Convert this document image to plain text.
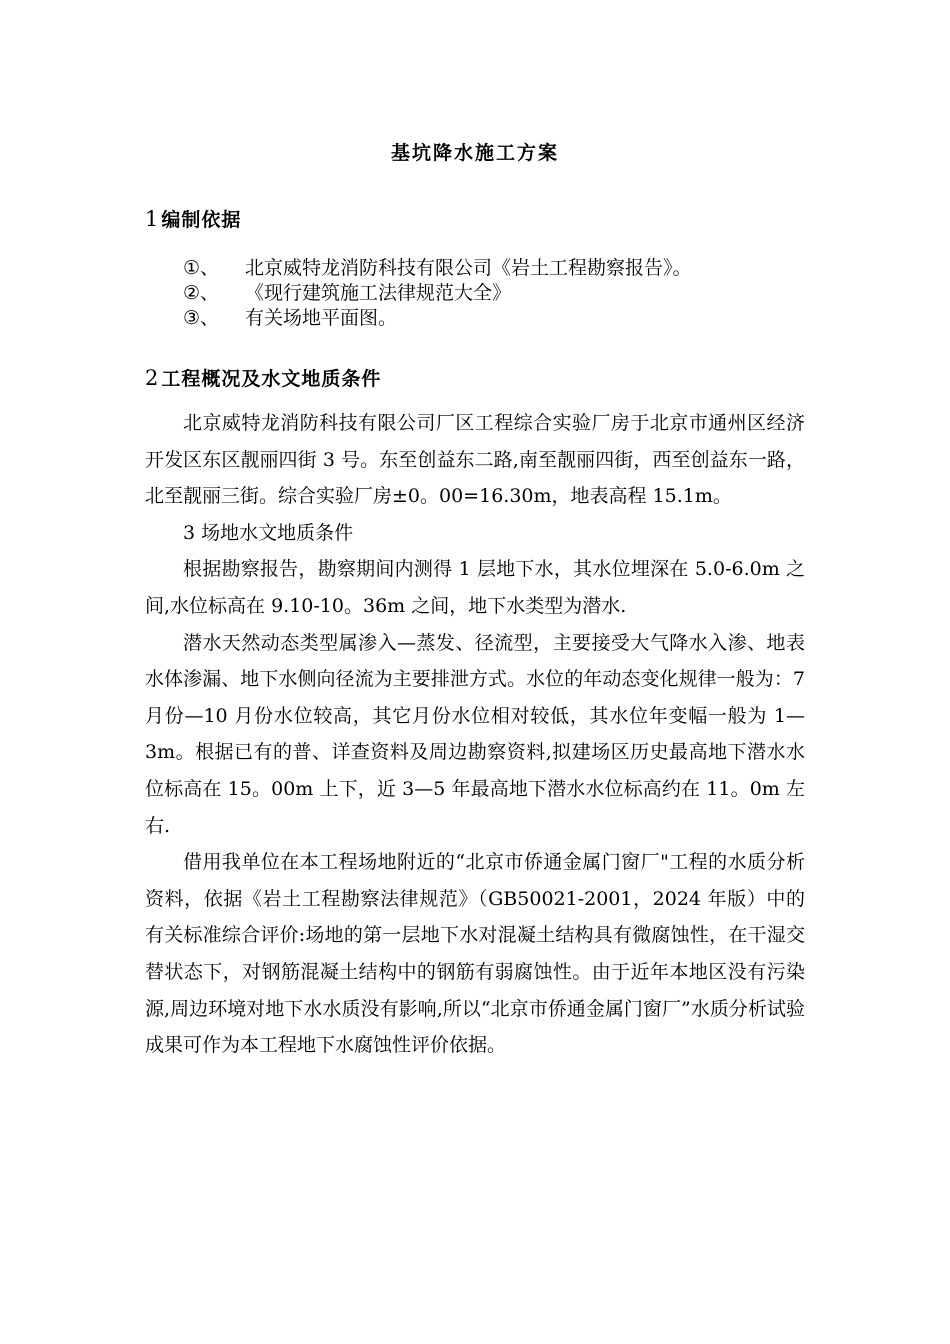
基坑降水施工方案
1 编制依据
①、	北京威特龙消防科技有限公司《岩土工程勘察报告》。
②、	《现行建筑施工法律规范大全》
③、	有关场地平面图。
2 工程概况及水文地质条件

北京威特龙消防科技有限公司厂区工程综合实验厂房于北京市通州区经济开发区东区靓丽四街 3 号。东至创益东二路,南至靓丽四街，西至创益东一路，北至靓丽三街。综合实验厂房±0。00=16.30m，地表高程 15.1m。

3 场地水文地质条件

根据勘察报告，勘察期间内测得 1 层地下水，其水位埋深在 5.0-6.0m 之间,水位标高在 9.10-10。36m 之间，地下水类型为潜水.

潜水天然动态类型属渗入—蒸发、径流型，主要接受大气降水入渗、地表水体渗漏、地下水侧向径流为主要排泄方式。水位的年动态变化规律一般为：7 月份—10 月份水位较高，其它月份水位相对较低，其水位年变幅一般为 1—3m。根据已有的普、详查资料及周边勘察资料,拟建场区历史最高地下潜水水位标高在 15。00m 上下，近 3—5 年最高地下潜水水位标高约在 11。0m 左右.

借用我单位在本工程场地附近的“北京市侨通金属门窗厂"工程的水质分析资料，依据《岩土工程勘察法律规范》（GB50021-2001，2024 年版）中的有关标准综合评价:场地的第一层地下水对混凝土结构具有微腐蚀性，在干湿交替状态下，对钢筋混凝土结构中的钢筋有弱腐蚀性。由于近年本地区没有污染源,周边环境对地下水水质没有影响,所以“北京市侨通金属门窗厂”水质分析试验成果可作为本工程地下水腐蚀性评价依据。
